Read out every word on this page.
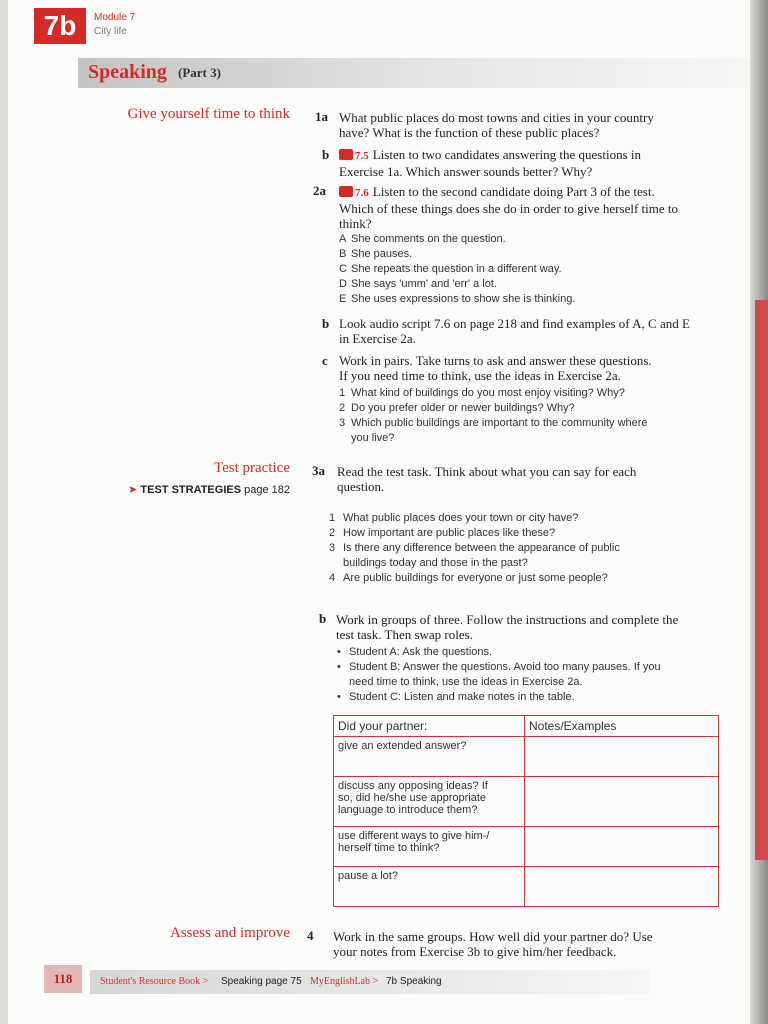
7b	Module 7
City life
Speaking (Part 3)
Give yourself time to think
Test practice
➤ TEST STRATEGIES page 182
Assess and improve
1a What public places do most towns and cities in your country
have? What is the function of these public places?
b	7.5 Listen to two candidates answering the questions in
Exercise 1a. Which answer sounds better? Why?
2a	7.6 Listen to the second candidate doing Part 3 of the test.
Which of these things does she do in order to give herself time to
think?
A She comments on the question.
B She pauses.
C She repeats the question in a different way.
D She says 'umm' and 'err' a lot.
E She uses expressions to show she is thinking.
b Look audio script 7.6 on page 218 and find examples of A, C and E
in Exercise 2a.
c Work in pairs. Take turns to ask and answer these questions.
If you need time to think, use the ideas in Exercise 2a.
1 What kind of buildings do you most enjoy visiting? Why?
2 Do you prefer older or newer buildings? Why?
3 Which public buildings are important to the community where
you live?
3a Read the test task. Think about what you can say for each
question.
1 What public places does your town or city have?
2 How important are public places like these?
3 Is there any difference between the appearance of public
buildings today and those in the past?
4 Are public buildings for everyone or just some people?
b Work in groups of three. Follow the instructions and complete the
test task. Then swap roles.
• Student A: Ask the questions.
• Student B: Answer the questions. Avoid too many pauses. If you
need time to think, use the ideas in Exercise 2a.
• Student C: Listen and make notes in the table.
Did your partner:	Notes/Examples
give an extended answer?	

discuss any opposing ideas? If
so, did he/she use appropriate
language to introduce them?	

use different ways to give him-/
herself time to think?	

pause a lot?	
4 Work in the same groups. How well did your partner do? Use
your notes from Exercise 3b to give him/her feedback.
118	Student's Resource Book > Speaking page 75 MyEnglishLab > 7b Speaking
